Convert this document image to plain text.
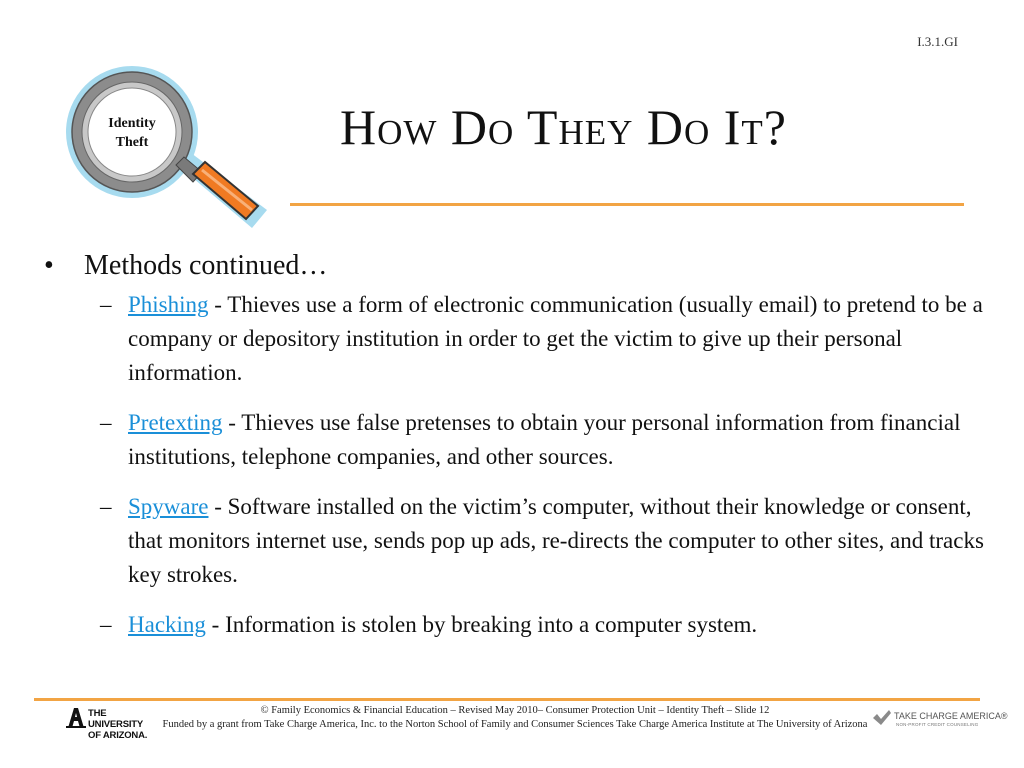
I.3.1.GI
Identity
Theft	How Do They Do It?
• Methods continued…
– Phishing - Thieves use a form of electronic communication (usually email) to pretend to be a company or depository institution in order to get the victim to give up their personal information.
– Pretexting - Thieves use false pretenses to obtain your personal information from financial institutions, telephone companies, and other sources.
– Spyware - Software installed on the victim’s computer, without their knowledge or consent, that monitors internet use, sends pop up ads, re-directs the computer to other sites, and tracks key strokes.
– Hacking - Information is stolen by breaking into a computer system.
THE UNIVERSITY
OF ARIZONA.
© Family Economics & Financial Education – Revised May 2010– Consumer Protection Unit – Identity Theft – Slide 12
Funded by a grant from Take Charge America, Inc. to the Norton School of Family and Consumer Sciences Take Charge America Institute at The University of Arizona
TAKE CHARGE AMERICA®
NON-PROFIT CREDIT COUNSELING
